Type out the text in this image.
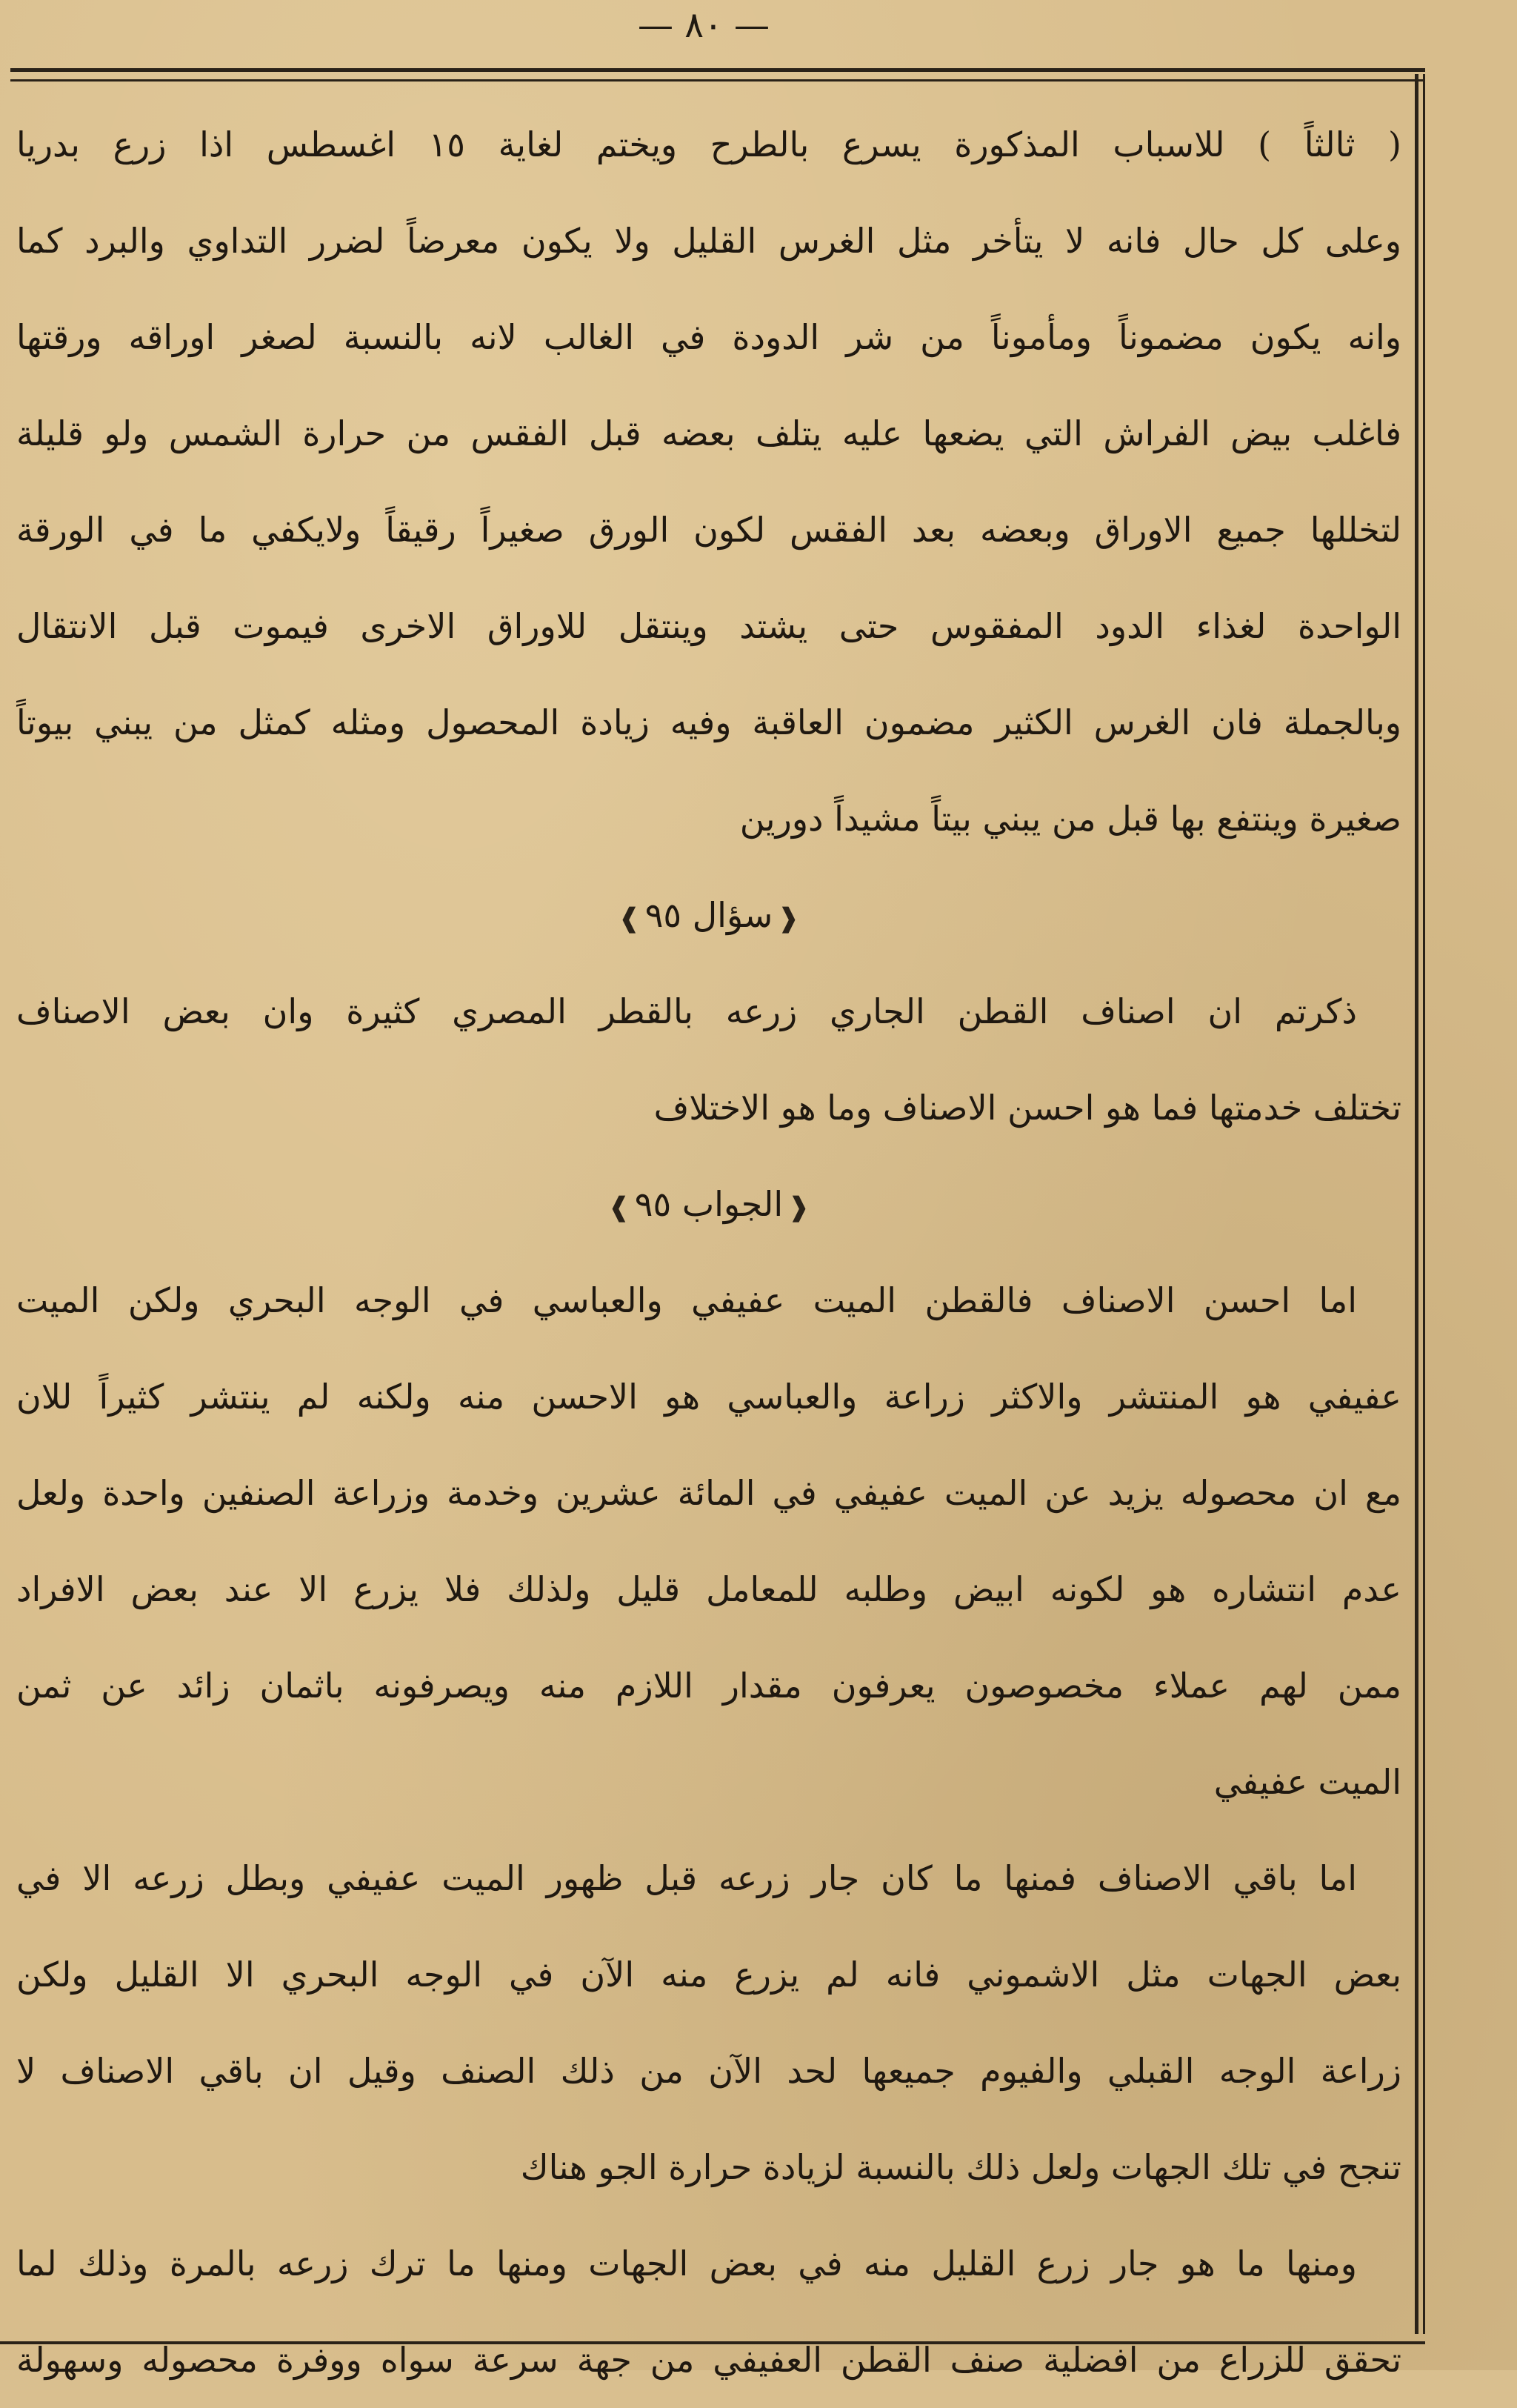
— ٨٠ —
( ثالثاً ) للاسباب المذكورة يسرع بالطرح ويختم لغاية ١٥ اغسطس اذا زرع بدريا
وعلى كل حال فانه لا يتأخر مثل الغرس القليل ولا يكون معرضاً لضرر التداوي والبرد كما
وانه يكون مضموناً ومأموناً من شر الدودة في الغالب لانه بالنسبة لصغر اوراقه ورقتها
فاغلب بيض الفراش التي يضعها عليه يتلف بعضه قبل الفقس من حرارة الشمس ولو قليلة
لتخللها جميع الاوراق وبعضه بعد الفقس لكون الورق صغيراً رقيقاً ولايكفي ما في الورقة
الواحدة لغذاء الدود المفقوس حتى يشتد وينتقل للاوراق الاخرى فيموت قبل الانتقال
وبالجملة فان الغرس الكثير مضمون العاقبة وفيه زيادة المحصول ومثله كمثل من يبني بيوتاً
صغيرة وينتفع بها قبل من يبني بيتاً مشيداً دورين
❰سؤال ٩٥❱
ذكرتم ان اصناف القطن الجاري زرعه بالقطر المصري كثيرة وان بعض الاصناف
تختلف خدمتها فما هو احسن الاصناف وما هو الاختلاف
❰الجواب ٩٥❱
اما احسن الاصناف فالقطن الميت عفيفي والعباسي في الوجه البحري ولكن الميت
عفيفي هو المنتشر والاكثر زراعة والعباسي هو الاحسن منه ولكنه لم ينتشر كثيراً للان
مع ان محصوله يزيد عن الميت عفيفي في المائة عشرين وخدمة وزراعة الصنفين واحدة ولعل
عدم انتشاره هو لكونه ابيض وطلبه للمعامل قليل ولذلك فلا يزرع الا عند بعض الافراد
ممن لهم عملاء مخصوصون يعرفون مقدار اللازم منه ويصرفونه باثمان زائد عن ثمن
الميت عفيفي
اما باقي الاصناف فمنها ما كان جار زرعه قبل ظهور الميت عفيفي وبطل زرعه الا في
بعض الجهات مثل الاشموني فانه لم يزرع منه الآن في الوجه البحري الا القليل ولكن
زراعة الوجه القبلي والفيوم جميعها لحد الآن من ذلك الصنف وقيل ان باقي الاصناف لا
تنجح في تلك الجهات ولعل ذلك بالنسبة لزيادة حرارة الجو هناك
ومنها ما هو جار زرع القليل منه في بعض الجهات ومنها ما ترك زرعه بالمرة وذلك لما
تحقق للزراع من افضلية صنف القطن العفيفي من جهة سرعة سواه ووفرة محصوله وسهولة
